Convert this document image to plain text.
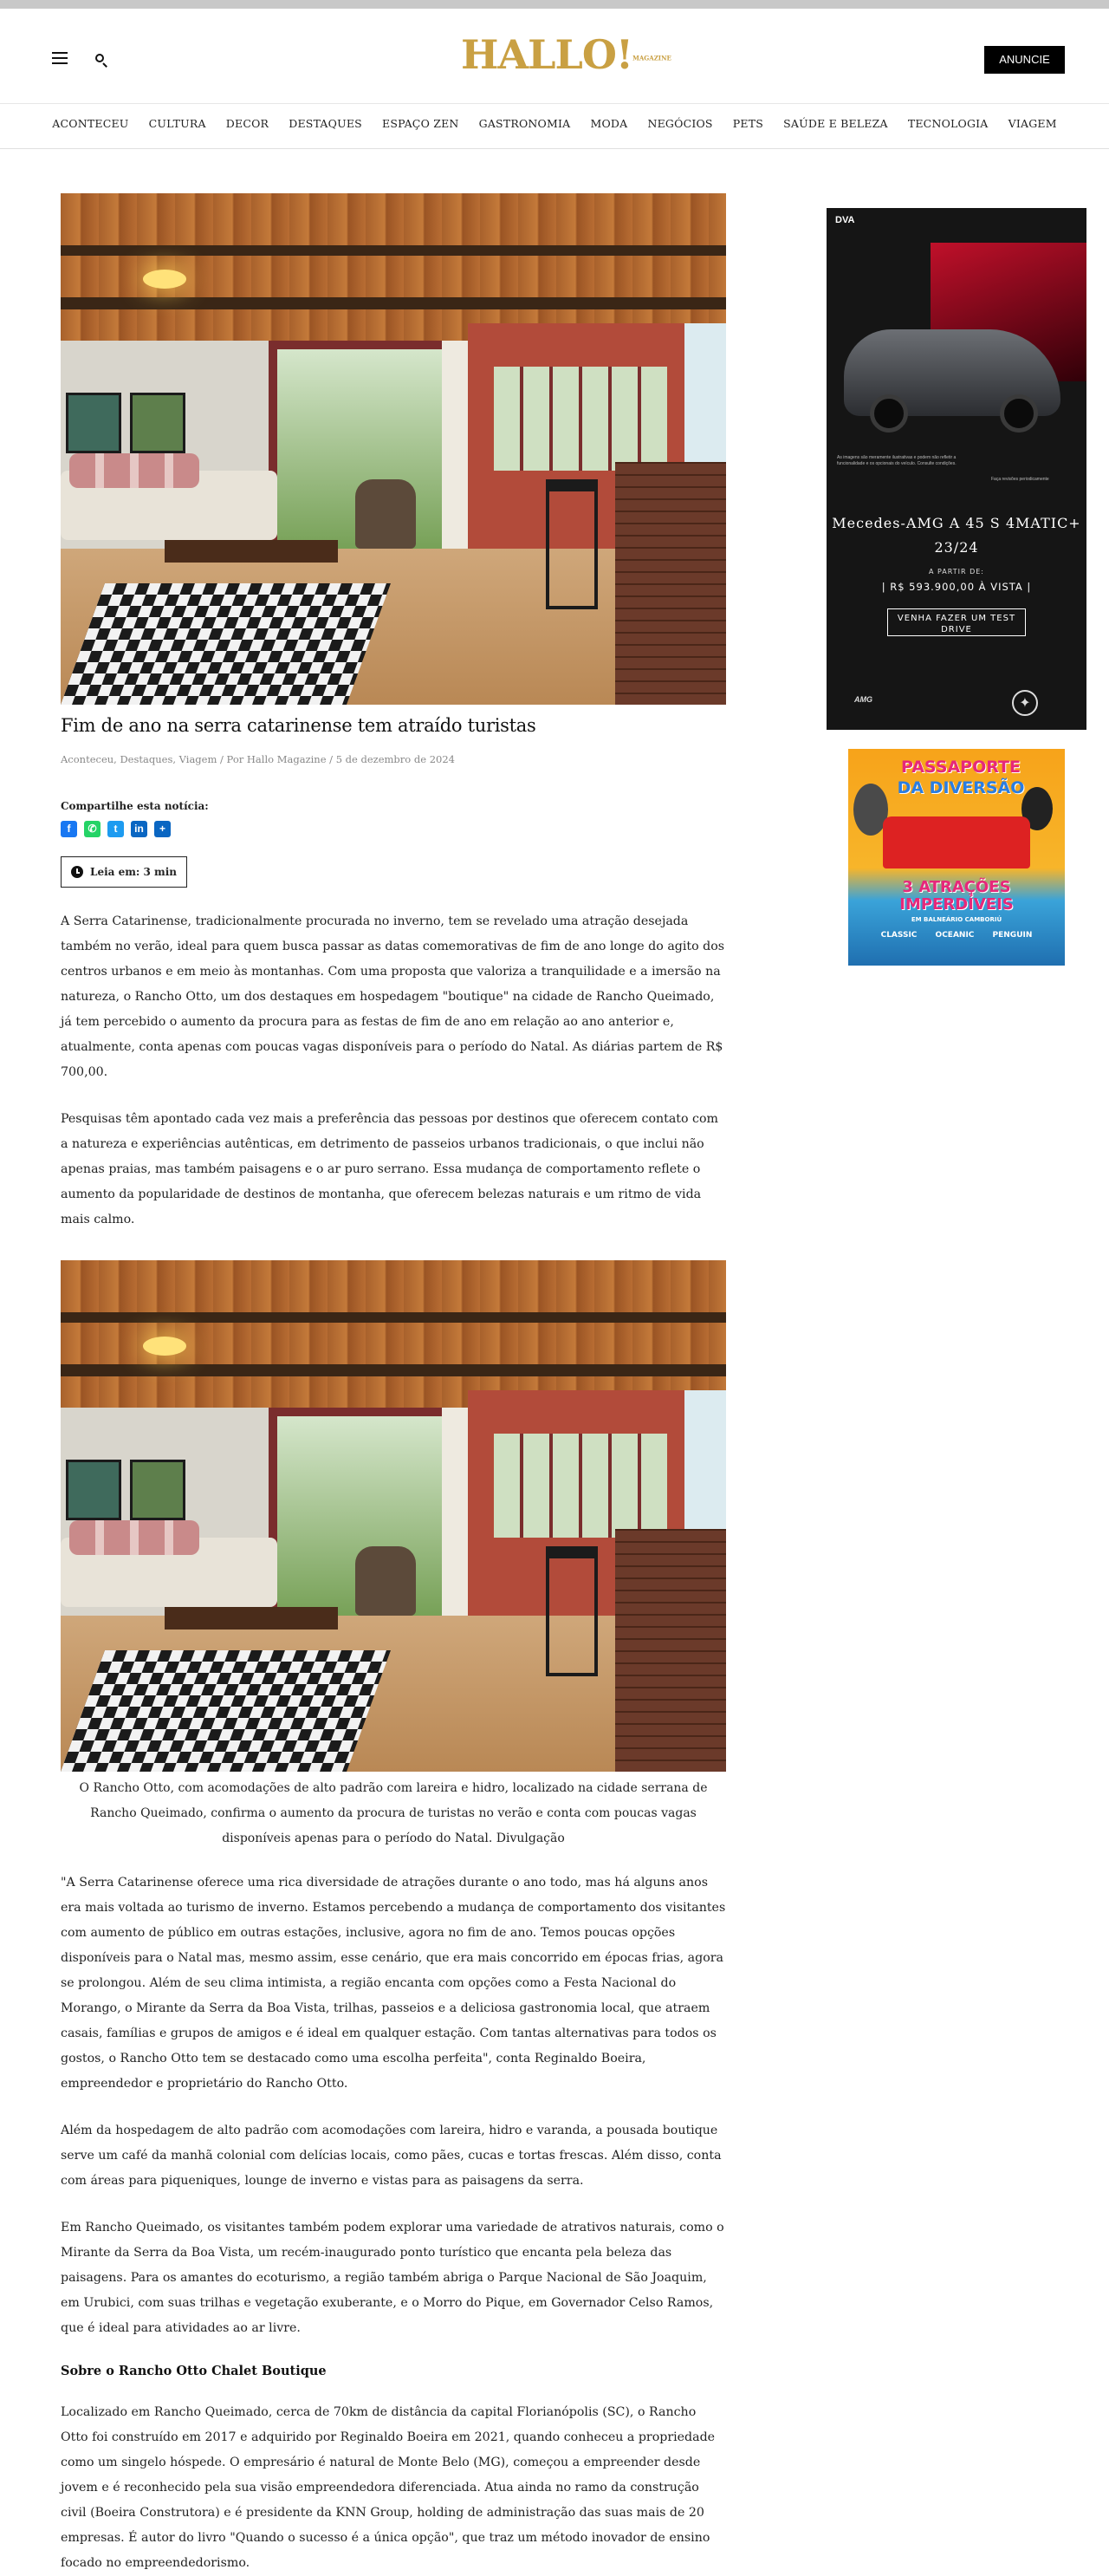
HALLO!MAGAZINE	ANUNCIE
ACONTECEU CULTURA DECOR DESTAQUES ESPAÇO ZEN GASTRONOMIA MODA NEGÓCIOS PETS SAÚDE E BELEZA TECNOLOGIA VIAGEM
Fim de ano na serra catarinense tem atraído turistas
Aconteceu, Destaques, Viagem / Por Hallo Magazine / 5 de dezembro de 2024
Compartilhe esta notícia:
f	✆	t	in	+
Leia em: 3 min

A Serra Catarinense, tradicionalmente procurada no inverno, tem se revelado uma atração desejada também no verão, ideal para quem busca passar as datas comemorativas de fim de ano longe do agito dos centros urbanos e em meio às montanhas. Com uma proposta que valoriza a tranquilidade e a imersão na natureza, o Rancho Otto, um dos destaques em hospedagem "boutique" na cidade de Rancho Queimado, já tem percebido o aumento da procura para as festas de fim de ano em relação ao ano anterior e, atualmente, conta apenas com poucas vagas disponíveis para o período do Natal. As diárias partem de R$ 700,00.

Pesquisas têm apontado cada vez mais a preferência das pessoas por destinos que oferecem contato com a natureza e experiências autênticas, em detrimento de passeios urbanos tradicionais, o que inclui não apenas praias, mas também paisagens e o ar puro serrano. Essa mudança de comportamento reflete o aumento da popularidade de destinos de montanha, que oferecem belezas naturais e um ritmo de vida mais calmo.

O Rancho Otto, com acomodações de alto padrão com lareira e hidro, localizado na cidade serrana de Rancho Queimado, confirma o aumento da procura de turistas no verão e conta com poucas vagas disponíveis apenas para o período do Natal. Divulgação

"A Serra Catarinense oferece uma rica diversidade de atrações durante o ano todo, mas há alguns anos era mais voltada ao turismo de inverno. Estamos percebendo a mudança de comportamento dos visitantes com aumento de público em outras estações, inclusive, agora no fim de ano. Temos poucas opções disponíveis para o Natal mas, mesmo assim, esse cenário, que era mais concorrido em épocas frias, agora se prolongou. Além de seu clima intimista, a região encanta com opções como a Festa Nacional do Morango, o Mirante da Serra da Boa Vista, trilhas, passeios e a deliciosa gastronomia local, que atraem casais, famílias e grupos de amigos e é ideal em qualquer estação. Com tantas alternativas para todos os gostos, o Rancho Otto tem se destacado como uma escolha perfeita", conta Reginaldo Boeira, empreendedor e proprietário do Rancho Otto.

Além da hospedagem de alto padrão com acomodações com lareira, hidro e varanda, a pousada boutique serve um café da manhã colonial com delícias locais, como pães, cucas e tortas frescas. Além disso, conta com áreas para piqueniques, lounge de inverno e vistas para as paisagens da serra.

Em Rancho Queimado, os visitantes também podem explorar uma variedade de atrativos naturais, como o Mirante da Serra da Boa Vista, um recém-inaugurado ponto turístico que encanta pela beleza das paisagens. Para os amantes do ecoturismo, a região também abriga o Parque Nacional de São Joaquim, em Urubici, com suas trilhas e vegetação exuberante, e o Morro do Pique, em Governador Celso Ramos, que é ideal para atividades ao ar livre.

Sobre o Rancho Otto Chalet Boutique

Localizado em Rancho Queimado, cerca de 70km de distância da capital Florianópolis (SC), o Rancho Otto foi construído em 2017 e adquirido por Reginaldo Boeira em 2021, quando conheceu a propriedade como um singelo hóspede. O empresário é natural de Monte Belo (MG), começou a empreender desde jovem e é reconhecido pela sua visão empreendedora diferenciada. Atua ainda no ramo da construção civil (Boeira Construtora) e é presidente da KNN Group, holding de administração das suas mais de 20 empresas. É autor do livro "Quando o sucesso é a única opção", que traz um método inovador de ensino focado no empreendedorismo.

DVA
As imagens são meramente ilustrativas e podem não refletir a funcionalidade e os opcionais do veículo. Consulte condições.
Faça revisões periodicamente
Mecedes-AMG A 45 S 4MATIC+ 23/24
A PARTIR DE:
| R$ 593.900,00 À VISTA |
VENHA FAZER UM TEST DRIVE
AMG	✦
PASSAPORTE
DA DIVERSÃO
3 ATRAÇÕES IMPERDÍVEIS
EM BALNEÁRIO CAMBORIÚ
CLASSIC OCEANIC PENGUIN
